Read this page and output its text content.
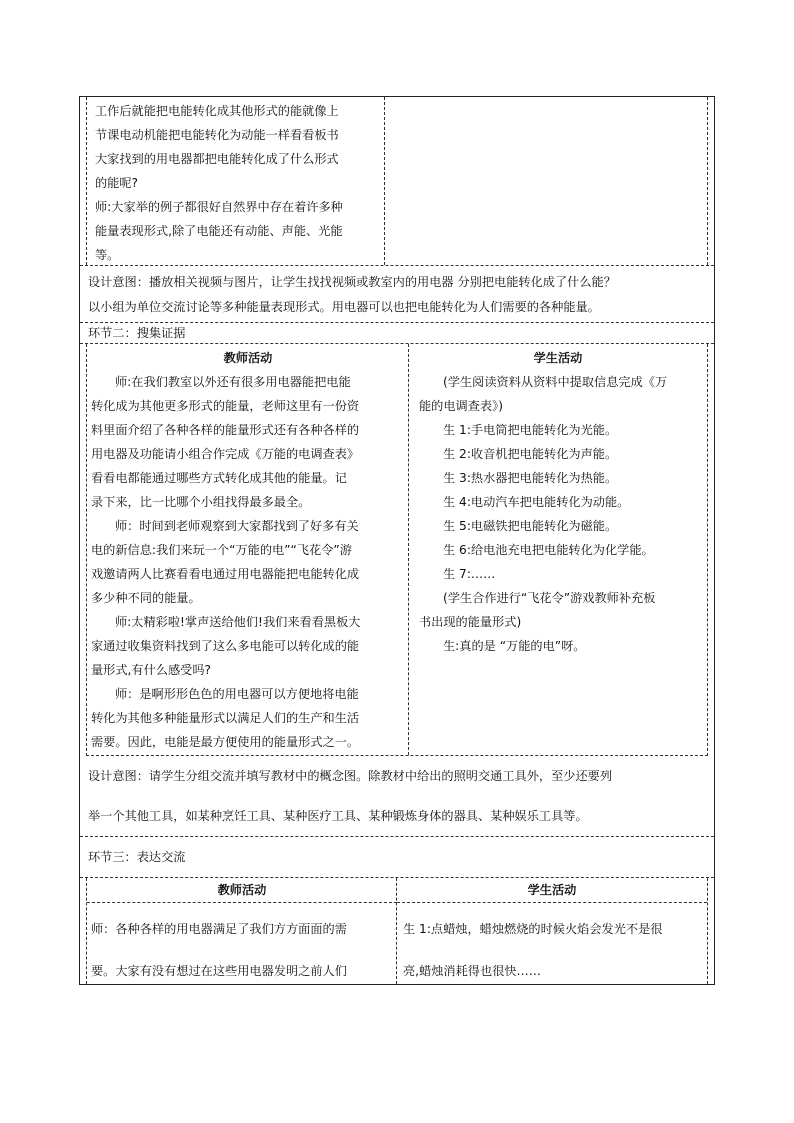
工作后就能把电能转化成其他形式的能就像上
节课电动机能把电能转化为动能一样看看板书
大家找到的用电器都把电能转化成了什么形式
的能呢?
师:大家举的例子都很好自然界中存在着许多种
能量表现形式,除了电能还有动能、声能、光能
等。
设计意图：播放相关视频与图片，让学生找找视频或教室内的用电器 分别把电能转化成了什么能？
以小组为单位交流讨论等多种能量表现形式。用电器可以也把电能转化为人们需要的各种能量。
环节二：搜集证据
教师活动
师:在我们教室以外还有很多用电器能把电能
转化成为其他更多形式的能量，老师这里有一份资
料里面介绍了各种各样的能量形式还有各种各样的
用电器及功能请小组合作完成《万能的电调查表》
看看电都能通过哪些方式转化成其他的能量。记
录下来，比一比哪个小组找得最多最全。
师：时间到老师观察到大家都找到了好多有关
电的新信息:我们来玩一个“万能的电”“飞花令”游
戏邀请两人比赛看看电通过用电器能把电能转化成
多少种不同的能量。
师:太精彩啦!掌声送给他们!我们来看看黑板大
家通过收集资料找到了这么多电能可以转化成的能
量形式,有什么感受吗?
师：是啊形形色色的用电器可以方便地将电能
转化为其他多种能量形式以满足人们的生产和生活
需要。因此，电能是最方便使用的能量形式之一。
学生活动
(学生阅读资料从资料中提取信息完成《万
能的电调查表》)
生 1:手电筒把电能转化为光能。
生 2:收音机把电能转化为声能。
生 3:热水器把电能转化为热能。
生 4:电动汽车把电能转化为动能。
生 5:电磁铁把电能转化为磁能。
生 6:给电池充电把电能转化为化学能。
生 7:……
(学生合作进行“飞花令”游戏教师补充板
书出现的能量形式)
生:真的是 “万能的电”呀。
设计意图：请学生分组交流并填写教材中的概念图。除教材中给出的照明交通工具外，至少还要列
举一个其他工具，如某种烹饪工具、某种医疗工具、某种锻炼身体的器具、某种娱乐工具等。
环节三：表达交流
教师活动
师：各种各样的用电器满足了我们方方面面的需
要。大家有没有想过在这些用电器发明之前人们
学生活动
生 1:点蜡烛，蜡烛燃烧的时候火焰会发光不是很
亮,蜡烛消耗得也很快……
